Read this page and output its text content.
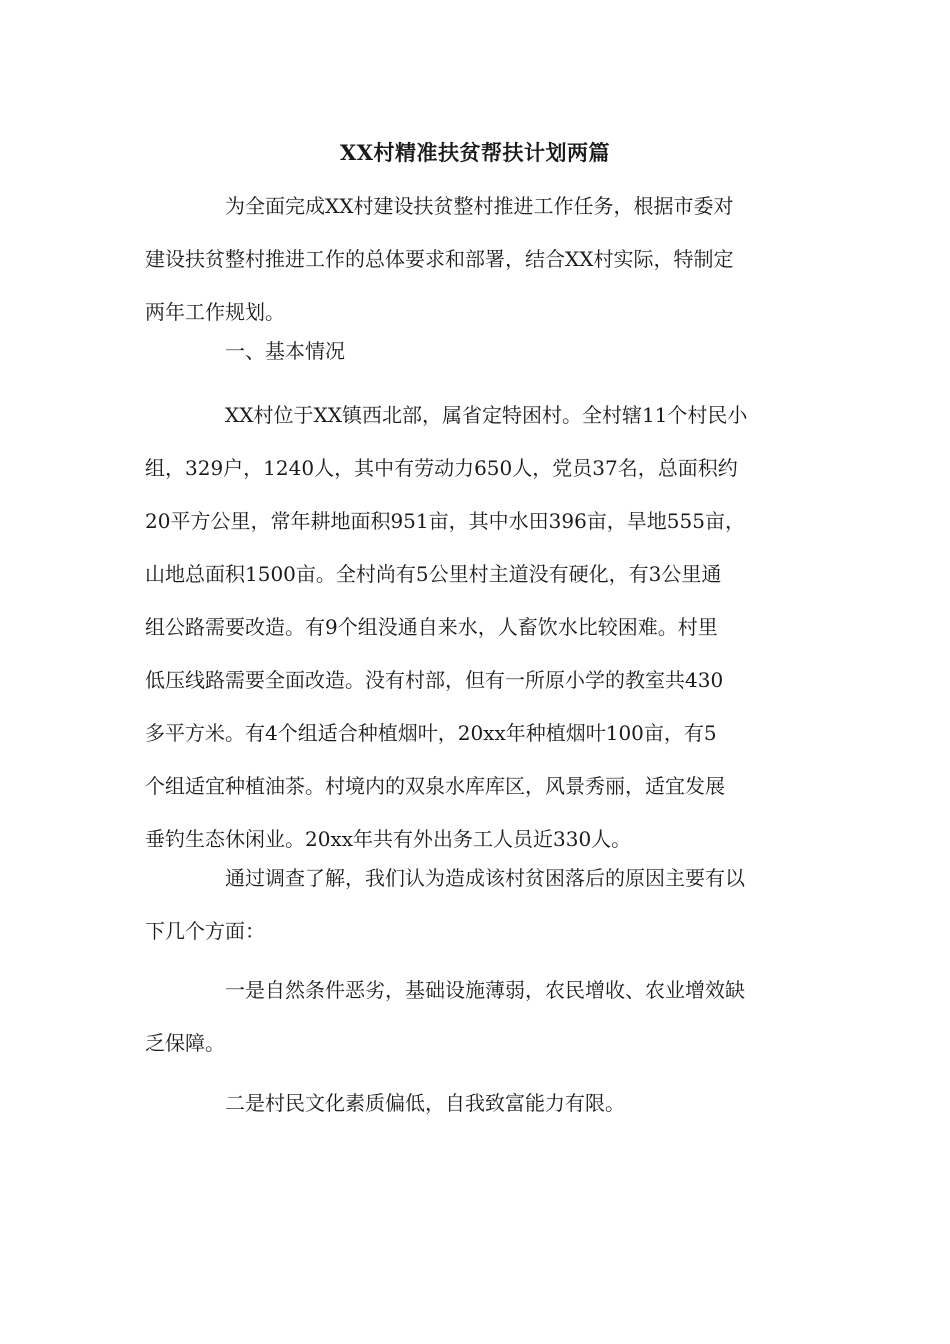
XX村精准扶贫帮扶计划两篇
为全面完成XX村建设扶贫整村推进工作任务，根据市委对
建设扶贫整村推进工作的总体要求和部署，结合XX村实际，特制定
两年工作规划。
一、基本情况
XX村位于XX镇西北部，属省定特困村。全村辖11个村民小
组，329户，1240人，其中有劳动力650人，党员37名，总面积约
20平方公里，常年耕地面积951亩，其中水田396亩，旱地555亩，
山地总面积1500亩。全村尚有5公里村主道没有硬化，有3公里通
组公路需要改造。有9个组没通自来水，人畜饮水比较困难。村里
低压线路需要全面改造。没有村部，但有一所原小学的教室共430
多平方米。有4个组适合种植烟叶，20xx年种植烟叶100亩，有5
个组适宜种植油茶。村境内的双泉水库库区，风景秀丽，适宜发展
垂钓生态休闲业。20xx年共有外出务工人员近330人。
通过调查了解，我们认为造成该村贫困落后的原因主要有以
下几个方面：
一是自然条件恶劣，基础设施薄弱，农民增收、农业增效缺
乏保障。
二是村民文化素质偏低，自我致富能力有限。
